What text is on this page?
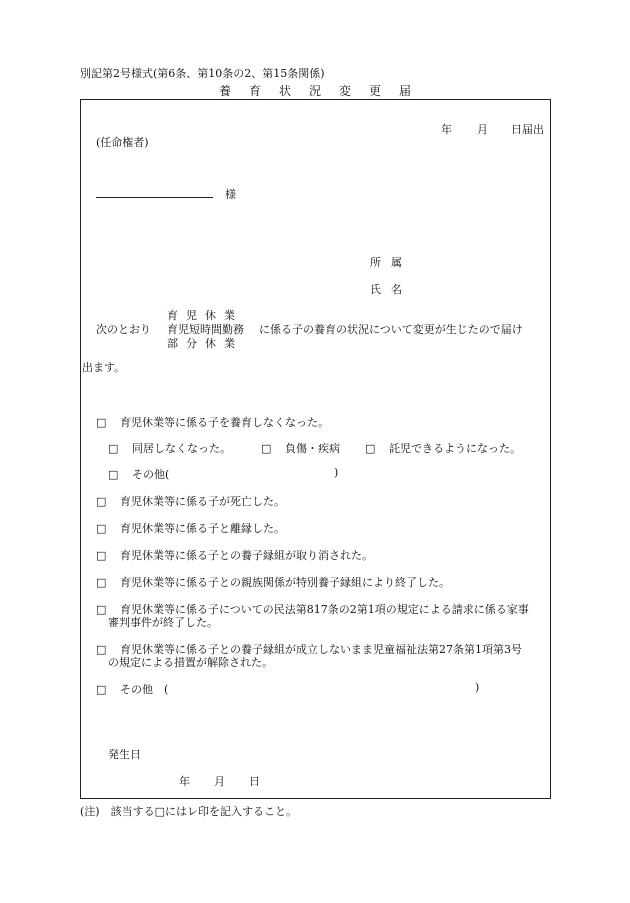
別記第2号様式(第6条、第10条の2、第15条関係)
養育状況変更届
年 月 日届出
(任命権者)
様
所属
氏名
育児休業
次のとおり 育児短時間勤務 に係る子の養育の状況について変更が生じたので届け
部分休業
出ます。
□　 育児休業等に係る子を養育しなくなった。
□　 同居しなくなった。	□　 負傷・疾病 □　 託児できるようになった。
□　 その他(	)
□　 育児休業等に係る子が死亡した。
□　 育児休業等に係る子と離縁した。
□　 育児休業等に係る子との養子縁組が取り消された。
□　 育児休業等に係る子との親族関係が特別養子縁組により終了した。
□　 育児休業等に係る子についての民法第817条の2第1項の規定による請求に係る家事
審判事件が終了した。
□　 育児休業等に係る子との養子縁組が成立しないまま児童福祉法第27条第1項第3号
の規定による措置が解除された。
□　 その他　(	)
発生日
年 月 日
(注)　該当する□にはレ印を記入すること。
